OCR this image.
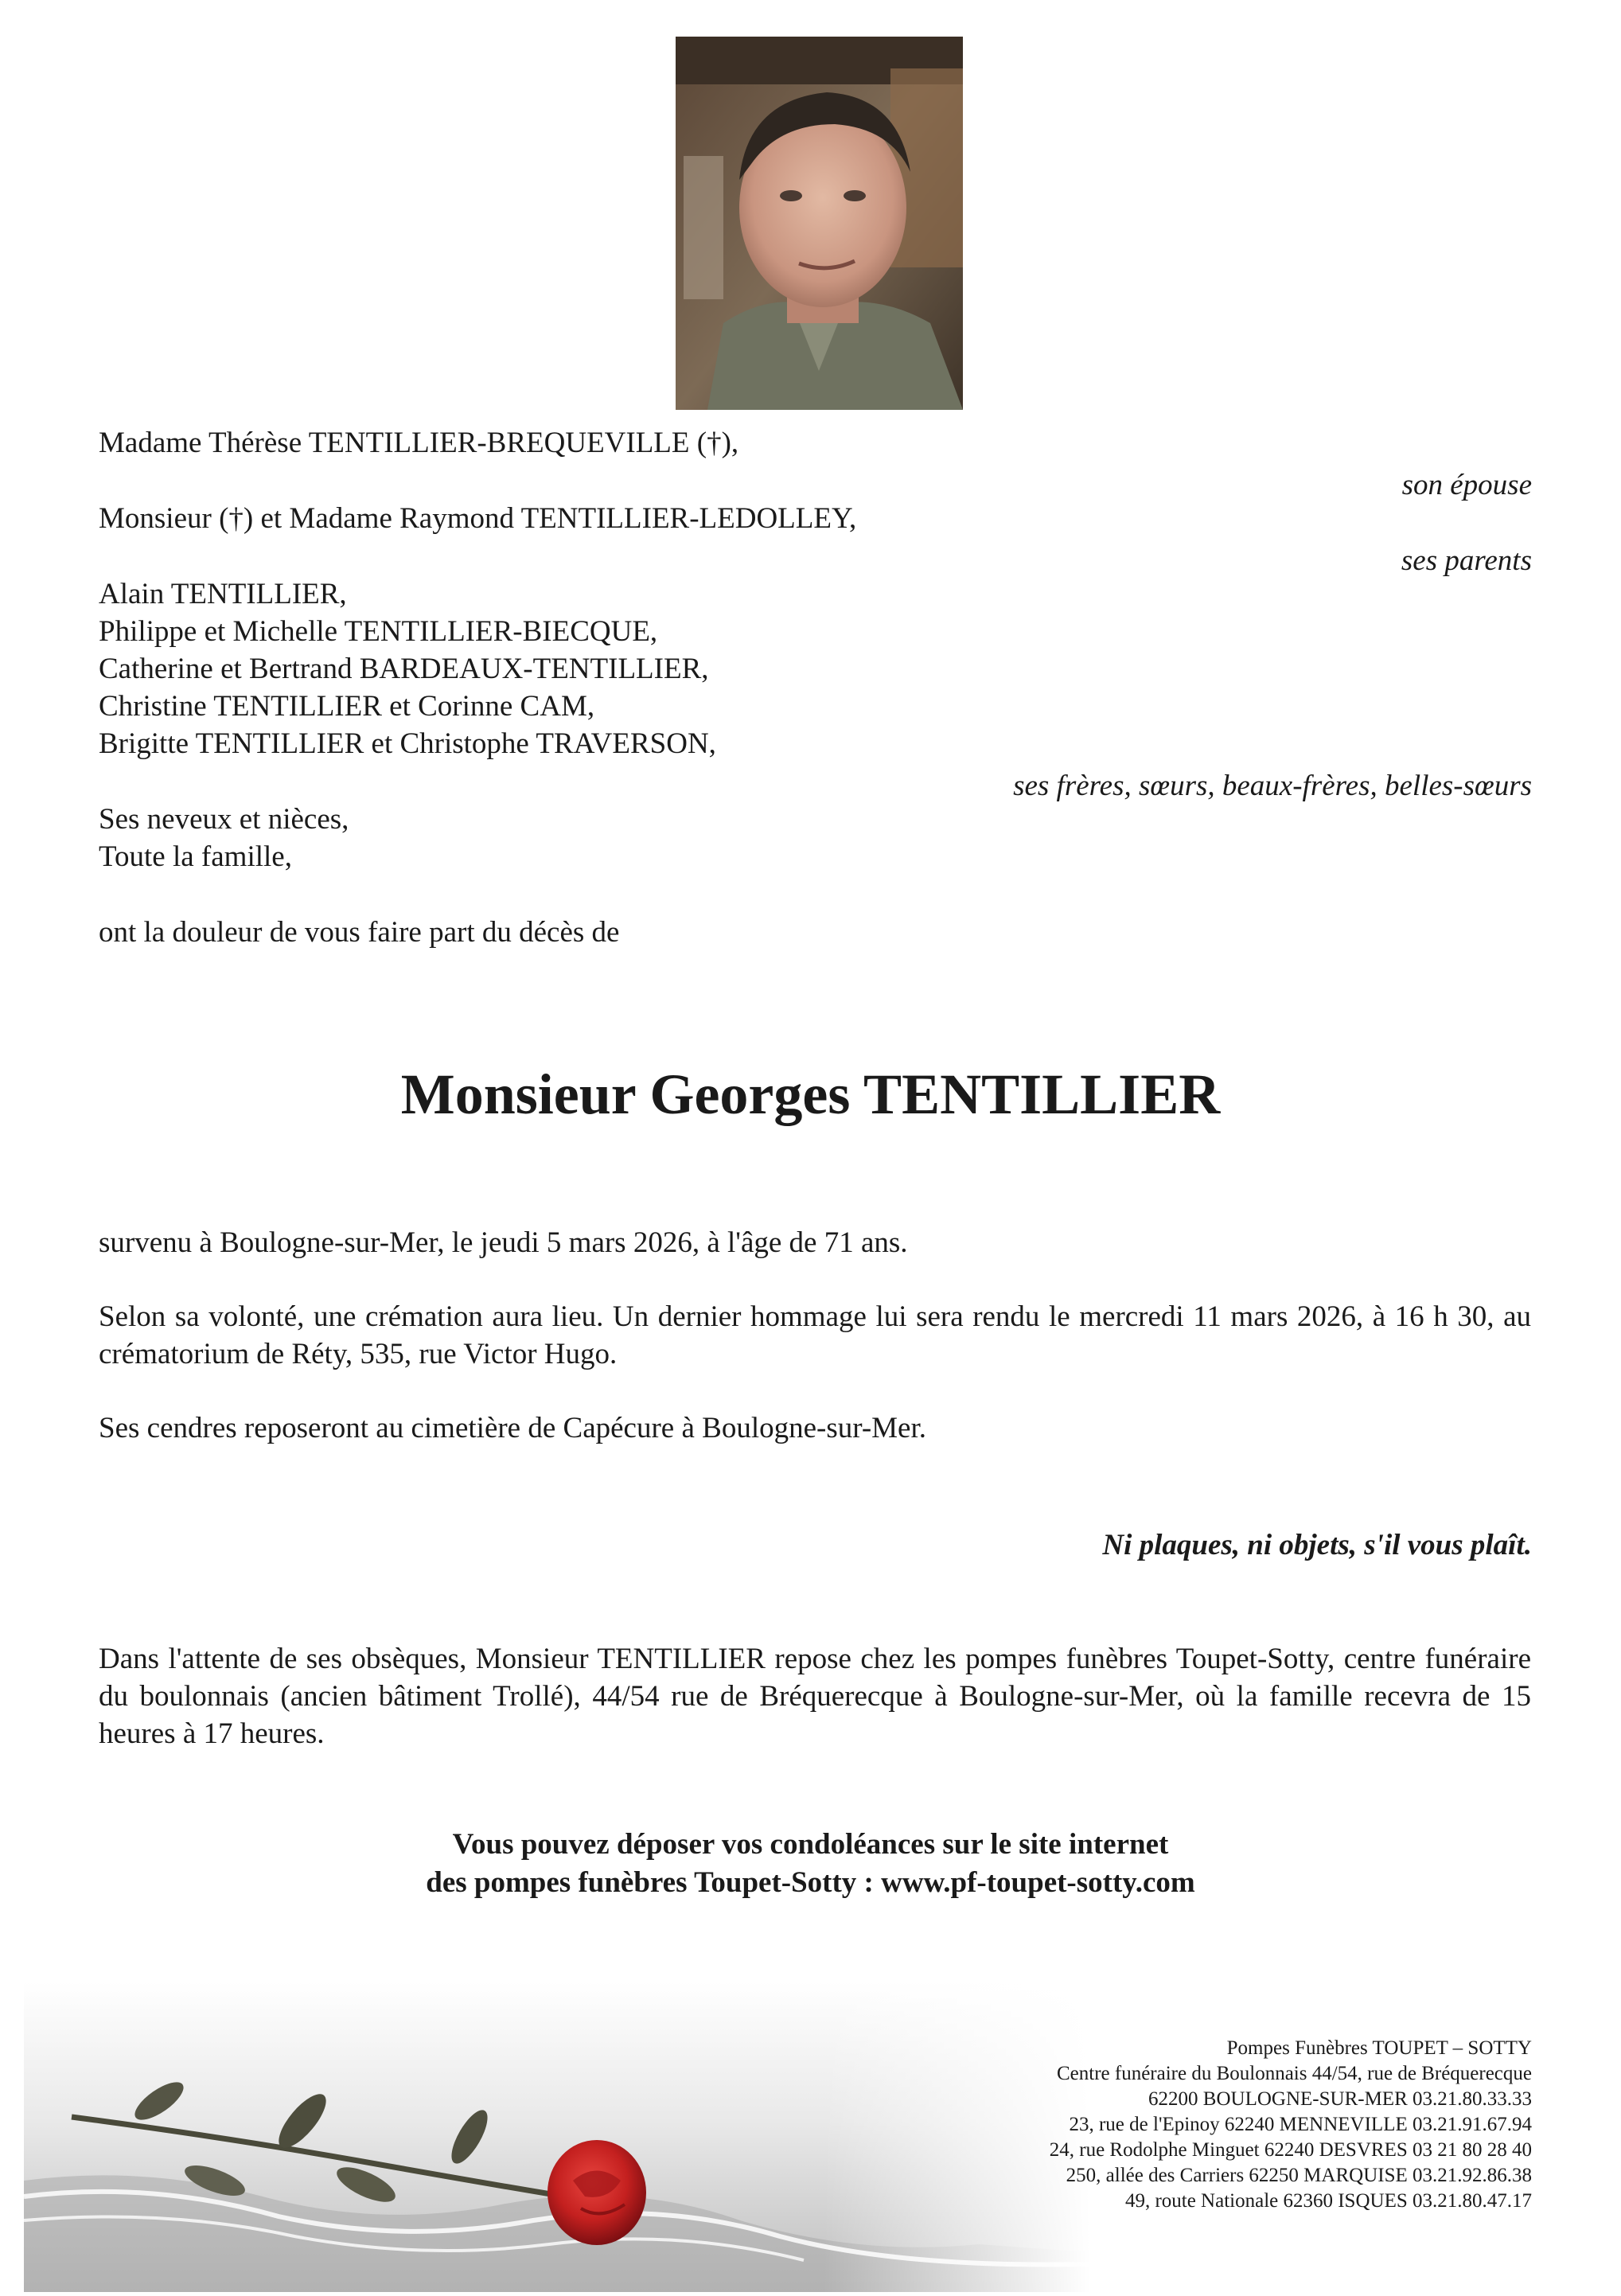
Madame Thérèse TENTILLIER-BREQUEVILLE (†),
Monsieur (†) et Madame Raymond TENTILLIER-LEDOLLEY,
Alain TENTILLIER,
Philippe et Michelle TENTILLIER-BIECQUE,
Catherine et Bertrand BARDEAUX-TENTILLIER,
Christine TENTILLIER et Corinne CAM,
Brigitte TENTILLIER et Christophe TRAVERSON,
Ses neveux et nièces,
Toute la famille,
son épouse
ses parents
ses frères, sœurs, beaux-frères, belles-sœurs
ont la douleur de vous faire part du décès de
Monsieur Georges TENTILLIER
survenu à Boulogne-sur-Mer, le jeudi 5 mars 2026, à l'âge de 71 ans.
Selon sa volonté, une crémation aura lieu. Un dernier hommage lui sera rendu le mercredi 11 mars 2026, à 16 h 30, au crématorium de Réty, 535, rue Victor Hugo.
Ses cendres reposeront au cimetière de Capécure à Boulogne-sur-Mer.
Ni plaques, ni objets, s'il vous plaît.
Dans l'attente de ses obsèques, Monsieur TENTILLIER repose chez les pompes funèbres Toupet-Sotty, centre funéraire du boulonnais (ancien bâtiment Trollé), 44/54 rue de Bréquerecque à Boulogne-sur-Mer, où la famille recevra de 15 heures à 17 heures.
Vous pouvez déposer vos condoléances sur le site internet
des pompes funèbres Toupet-Sotty : www.pf-toupet-sotty.com
Pompes Funèbres TOUPET – SOTTY
Centre funéraire du Boulonnais 44/54, rue de Bréquerecque
62200 BOULOGNE-SUR-MER 03.21.80.33.33
23, rue de l'Epinoy 62240 MENNEVILLE 03.21.91.67.94
24, rue Rodolphe Minguet 62240 DESVRES 03 21 80 28 40
250, allée des Carriers 62250 MARQUISE 03.21.92.86.38
49, route Nationale 62360 ISQUES 03.21.80.47.17
